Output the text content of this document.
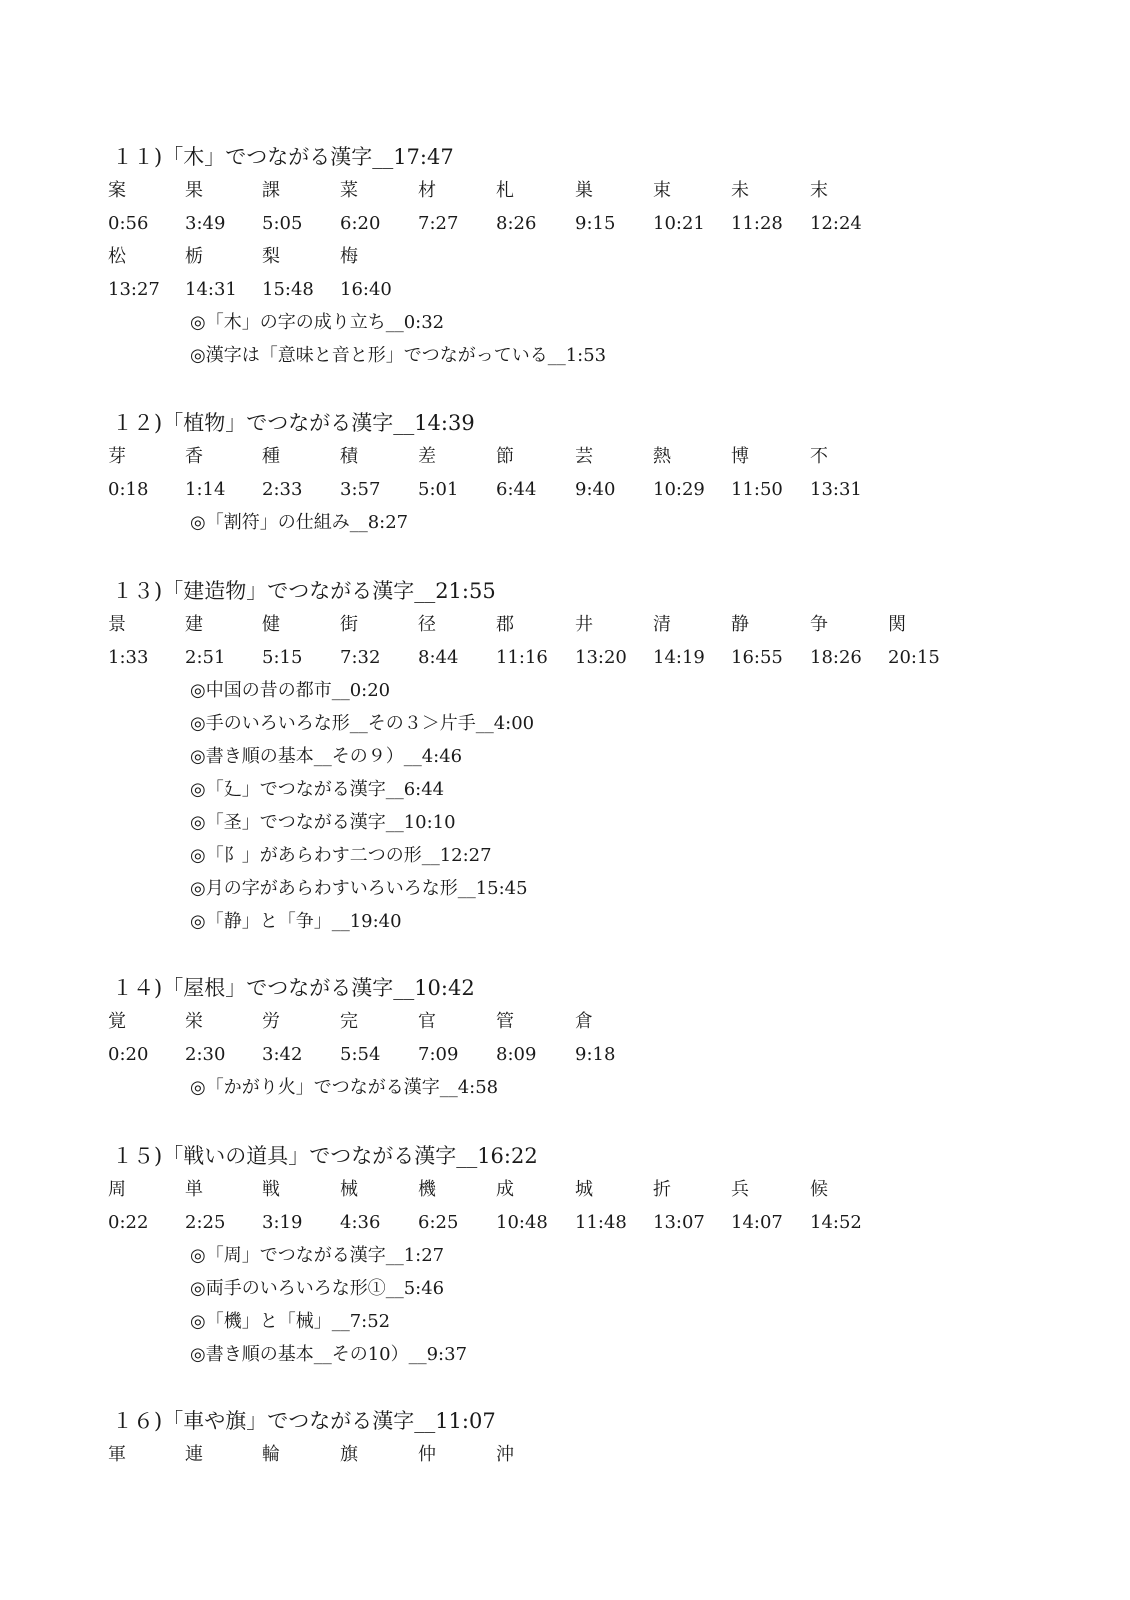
１１)「木」でつながる漢字__17:47
案	果	課	菜	材	札	巣	束	未	末
0:56 3:49 5:05 6:20 7:27 8:26 9:15 10:21 11:28 12:24
松	栃	梨	梅
13:27 14:31 15:48 16:40
◎「木」の字の成り立ち__0:32
◎漢字は「意味と音と形」でつながっている__1:53
１２)「植物」でつながる漢字__14:39
芽	香	種	積	差	節	芸	熱	博	不
0:18 1:14 2:33 3:57 5:01 6:44 9:40 10:29 11:50 13:31
◎「割符」の仕組み__8:27
１３)「建造物」でつながる漢字__21:55
景	建	健	街	径	郡	井	清	静	争	関
1:33 2:51 5:15 7:32 8:44 11:16 13:20 14:19 16:55 18:26 20:15
◎中国の昔の都市__0:20
◎手のいろいろな形__その３＞片手__4:00
◎書き順の基本__その９）__4:46
◎「廴」でつながる漢字__6:44
◎「圣」でつながる漢字__10:10
◎「阝」があらわす二つの形__12:27
◎月の字があらわすいろいろな形__15:45
◎「静」と「争」__19:40
１４)「屋根」でつながる漢字__10:42
覚	栄	労	完	官	管	倉
0:20 2:30 3:42 5:54 7:09 8:09 9:18
◎「かがり火」でつながる漢字__4:58
１５)「戦いの道具」でつながる漢字__16:22
周	単	戦	械	機	成	城	折	兵	候
0:22 2:25 3:19 4:36 6:25 10:48 11:48 13:07 14:07 14:52
◎「周」でつながる漢字__1:27
◎両手のいろいろな形①__5:46
◎「機」と「械」__7:52
◎書き順の基本__その10）__9:37
１６)「車や旗」でつながる漢字__11:07
軍	連	輪	旗	仲	沖
